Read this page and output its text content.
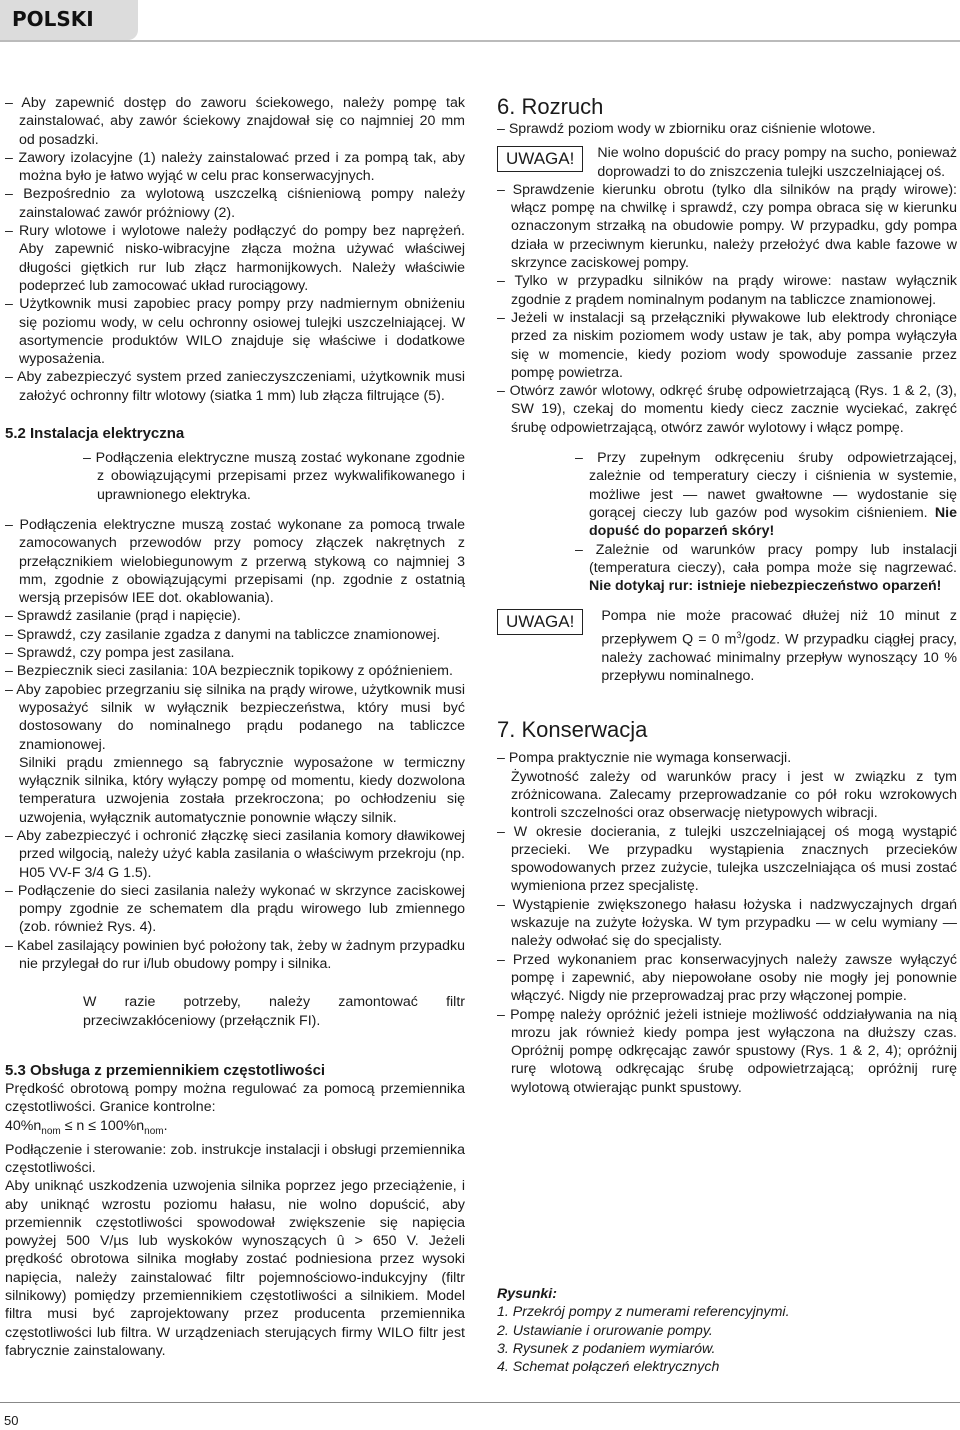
POLSKI

– Aby zapewnić dostęp do zaworu ściekowego, należy pompę tak zainstalować, aby zawór ściekowy znajdował się co najmniej 20 mm od posadzki.

– Zawory izolacyjne (1) należy zainstalować przed i za pompą tak, aby można było je łatwo wyjąć w celu prac konserwacyjnych.

– Bezpośrednio za wylotową uszczelką ciśnieniową pompy należy zainstalować zawór próżniowy (2).

– Rury wlotowe i wylotowe należy podłączyć do pompy bez naprężeń. Aby zapewnić nisko-wibracyjne złącza można używać właściwej długości giętkich rur lub złącz harmonijkowych. Należy właściwie podeprzeć lub zamocować układ rurociągowy.

– Użytkownik musi zapobiec pracy pompy przy nadmiernym obniżeniu się poziomu wody, w celu ochronny osiowej tulejki uszczelniającej. W asortymencie produktów WILO znajduje się właściwe i dodatkowe wyposażenia.

– Aby zabezpieczyć system przed zanieczyszczeniami, użytkownik musi założyć ochronny filtr wlotowy (siatka 1 mm) lub złącza filtrujące (5).

5.2 Instalacja elektryczna

– Podłączenia elektryczne muszą zostać wykonane zgodnie z obowiązującymi przepisami przez wykwalifikowanego i uprawnionego elektryka.

– Podłączenia elektryczne muszą zostać wykonane za pomocą trwale zamocowanych przewodów przy pomocy złączek nakrętnych z przełącznikiem wielobiegunowym z przerwą stykową co najmniej 3 mm, zgodnie z obowiązującymi przepisami (np. zgodnie z ostatnią wersją przepisów IEE dot. okablowania).

– Sprawdź zasilanie (prąd i napięcie).

– Sprawdź, czy zasilanie zgadza z danymi na tabliczce znamionowej.

– Sprawdź, czy pompa jest zasilana.

– Bezpiecznik sieci zasilania: 10A bezpiecznik topikowy z opóźnieniem.

– Aby zapobiec przegrzaniu się silnika na prądy wirowe, użytkownik musi wyposażyć silnik w wyłącznik bezpieczeństwa, który musi być dostosowany do nominalnego prądu podanego na tabliczce znamionowej.

Silniki prądu zmiennego są fabrycznie wyposażone w termiczny wyłącznik silnika, który wyłączy pompę od momentu, kiedy dozwolona temperatura uzwojenia została przekroczona; po ochłodzeniu się uzwojenia, wyłącznik automatycznie ponownie włączy silnik.

– Aby zabezpieczyć i ochronić złączkę sieci zasilania komory dławikowej przed wilgocią, należy użyć kabla zasilania o właściwym przekroju (np. H05 VV-F 3/4 G 1.5).

– Podłączenie do sieci zasilania należy wykonać w skrzynce zaciskowej pompy zgodnie ze schematem dla prądu wirowego lub zmiennego (zob. również Rys. 4).

– Kabel zasilający powinien być położony tak, żeby w żadnym przypadku nie przylegał do rur i/lub obudowy pompy i silnika.

W razie potrzeby, należy zamontować filtr przeciwzakłóceniowy (przełącznik FI).

5.3 Obsługa z przemiennikiem częstotliwości

Prędkość obrotową pompy można regulować za pomocą przemiennika częstotliwości. Granice kontrolne:

$40\%n_{nom} \le n \le 100\%n_{nom}$.

Podłączenie i sterowanie: zob. instrukcje instalacji i obsługi przemiennika częstotliwości.

Aby uniknąć uszkodzenia uzwojenia silnika poprzez jego przeciążenie, i aby uniknąć wzrostu poziomu hałasu, nie wolno dopuścić, aby przemiennik częstotliwości spowodował zwiększenie się napięcia powyżej 500 V/µs lub wyskoków wynoszących û > 650 V. Jeżeli prędkość obrotowa silnika mogłaby zostać podniesiona przez wysoki napięcia, należy zainstalować filtr pojemnościowo-indukcyjny (filtr silnikowy) pomiędzy przemiennikiem częstotliwości a silnikiem. Model filtra musi być zaprojektowany przez producenta przemiennika częstotliwości lub filtra. W urządzeniach sterujących firmy WILO filtr jest fabrycznie zainstalowany.

6. Rozruch

– Sprawdź poziom wody w zbiorniku oraz ciśnienie wlotowe.

UWAGA!	Nie wolno dopuścić do pracy pompy na sucho, ponieważ doprowadzi to do zniszczenia tulejki uszczelniającej oś.

– Sprawdzenie kierunku obrotu (tylko dla silników na prądy wirowe): włącz pompę na chwilkę i sprawdź, czy pompa obraca się w kierunku oznaczonym strzałką na obudowie pompy. W przypadku, gdy pompa działa w przeciwnym kierunku, należy przełożyć dwa kable fazowe w skrzynce zaciskowej pompy.

– Tylko w przypadku silników na prądy wirowe: nastaw wyłącznik zgodnie z prądem nominalnym podanym na tabliczce znamionowej.

– Jeżeli w instalacji są przełączniki pływakowe lub elektrody chroniące przed za niskim poziomem wody ustaw je tak, aby pompa wyłączyła się w momencie, kiedy poziom wody spowoduje zassanie przez pompę powietrza.

– Otwórz zawór wlotowy, odkręć śrubę odpowietrzającą (Rys. 1 & 2, (3), SW 19), czekaj do momentu kiedy ciecz zacznie wyciekać, zakręć śrubę odpowietrzającą, otwórz zawór wylotowy i włącz pompę.

– Przy zupełnym odkręceniu śruby odpowietrzającej, zależnie od temperatury cieczy i ciśnienia w systemie, możliwe jest — nawet gwałtowne — wydostanie się gorącej cieczy lub gazów pod wysokim ciśnieniem. Nie dopuść do poparzeń skóry!

– Zależnie od warunków pracy pompy lub instalacji (temperatura cieczy), cała pompa może się nagrzewać. Nie dotykaj rur: istnieje niebezpieczeństwo oparzeń!

UWAGA!	Pompa nie może pracować dłużej niż 10 minut z przepływem Q = 0 $m^3$/godz. W przypadku ciągłej pracy, należy zachować minimalny przepływ wynoszący 10 % przepływu nominalnego.

7. Konserwacja

– Pompa praktycznie nie wymaga konserwacji.

Żywotność zależy od warunków pracy i jest w związku z tym zróżnicowana. Zalecamy przeprowadzanie co pół roku wzrokowych kontroli szczelności oraz obserwację nietypowych wibracji.

– W okresie docierania, z tulejki uszczelniającej oś mogą wystąpić przecieki. We przypadku wystąpienia znacznych przecieków spowodowanych przez zużycie, tulejka uszczelniająca oś musi zostać wymieniona przez specjalistę.

– Wystąpienie zwiększonego hałasu łożyska i nadzwyczajnych drgań wskazuje na zużyte łożyska. W tym przypadku — w celu wymiany — należy odwołać się do specjalisty.

– Przed wykonaniem prac konserwacyjnych należy zawsze wyłączyć pompę i zapewnić, aby niepowołane osoby nie mogły jej ponownie włączyć. Nigdy nie przeprowadzaj prac przy włączonej pompie.

– Pompę należy opróżnić jeżeli istnieje możliwość oddziaływania na nią mrozu jak również kiedy pompa jest wyłączona na dłuższy czas. Opróżnij pompę odkręcając zawór spustowy (Rys. 1 & 2, 4); opróżnij rurę wlotową odkręcając śrubę odpowietrzającą; opróżnij rurę wylotową otwierając punkt spustowy.

Rysunki:

1. Przekrój pompy z numerami referencyjnymi.

2. Ustawianie i orurowanie pompy.

3. Rysunek z podaniem wymiarów.

4. Schemat połączeń elektrycznych

50
